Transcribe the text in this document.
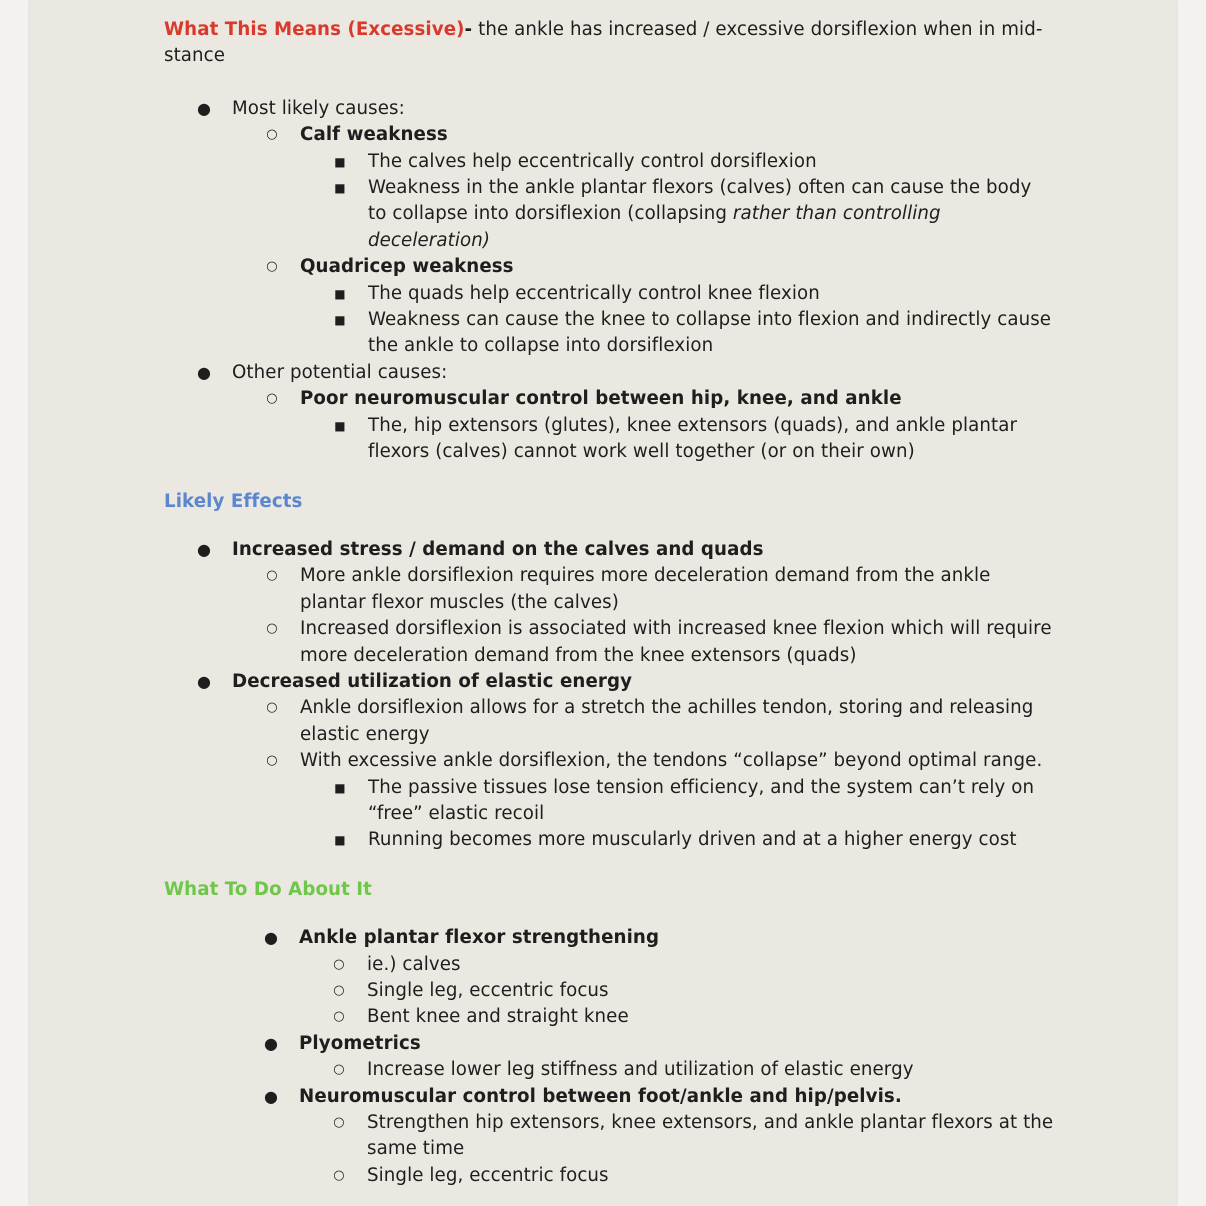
What This Means (Excessive)- the ankle has increased / excessive dorsiflexion when in mid-stance

● Most likely causes:
○ Calf weakness
■ The calves help eccentrically control dorsiflexion
■ Weakness in the ankle plantar flexors (calves) often can cause the body to collapse into dorsiflexion (collapsing rather than controlling deceleration)
○ Quadricep weakness
■ The quads help eccentrically control knee flexion
■ Weakness can cause the knee to collapse into flexion and indirectly cause the ankle to collapse into dorsiflexion
● Other potential causes:
○ Poor neuromuscular control between hip, knee, and ankle
■ The, hip extensors (glutes), knee extensors (quads), and ankle plantar flexors (calves) cannot work well together (or on their own)

Likely Effects

● Increased stress / demand on the calves and quads
○ More ankle dorsiflexion requires more deceleration demand from the ankle plantar flexor muscles (the calves)
○ Increased dorsiflexion is associated with increased knee flexion which will require more deceleration demand from the knee extensors (quads)
● Decreased utilization of elastic energy
○ Ankle dorsiflexion allows for a stretch the achilles tendon, storing and releasing elastic energy
○ With excessive ankle dorsiflexion, the tendons “collapse” beyond optimal range.
■ The passive tissues lose tension efficiency, and the system can’t rely on “free” elastic recoil
■ Running becomes more muscularly driven and at a higher energy cost

What To Do About It

● Ankle plantar flexor strengthening
○ ie.) calves
○ Single leg, eccentric focus
○ Bent knee and straight knee
● Plyometrics
○ Increase lower leg stiffness and utilization of elastic energy
● Neuromuscular control between foot/ankle and hip/pelvis.
○ Strengthen hip extensors, knee extensors, and ankle plantar flexors at the same time
○ Single leg, eccentric focus
